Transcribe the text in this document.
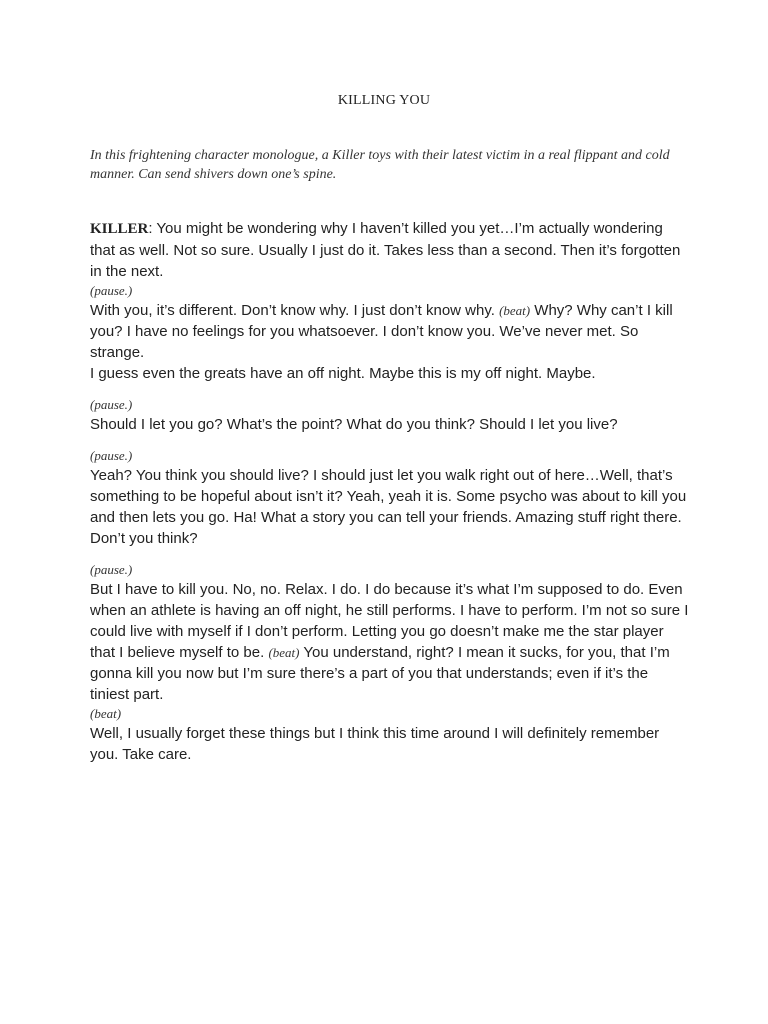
KILLING YOU
In this frightening character monologue, a Killer toys with their latest victim in a real flippant and cold manner. Can send shivers down one’s spine.

KILLER: You might be wondering why I haven’t killed you yet…I’m actually wondering that as well. Not so sure. Usually I just do it. Takes less than a second. Then it’s forgotten in the next.

(pause.)

With you, it’s different. Don’t know why. I just don’t know why. (beat) Why? Why can’t I kill you? I have no feelings for you whatsoever. I don’t know you. We’ve never met. So strange.

I guess even the greats have an off night. Maybe this is my off night. Maybe.

(pause.)

Should I let you go? What’s the point? What do you think? Should I let you live?

(pause.)

Yeah? You think you should live? I should just let you walk right out of here…Well, that’s something to be hopeful about isn’t it? Yeah, yeah it is. Some psycho was about to kill you and then lets you go. Ha! What a story you can tell your friends. Amazing stuff right there. Don’t you think?

(pause.)

But I have to kill you. No, no. Relax. I do. I do because it’s what I’m supposed to do. Even when an athlete is having an off night, he still performs. I have to perform. I’m not so sure I could live with myself if I don’t perform. Letting you go doesn’t make me the star player that I believe myself to be. (beat) You understand, right? I mean it sucks, for you, that I’m gonna kill you now but I’m sure there’s a part of you that understands; even if it’s the tiniest part.

(beat)

Well, I usually forget these things but I think this time around I will definitely remember you. Take care.
